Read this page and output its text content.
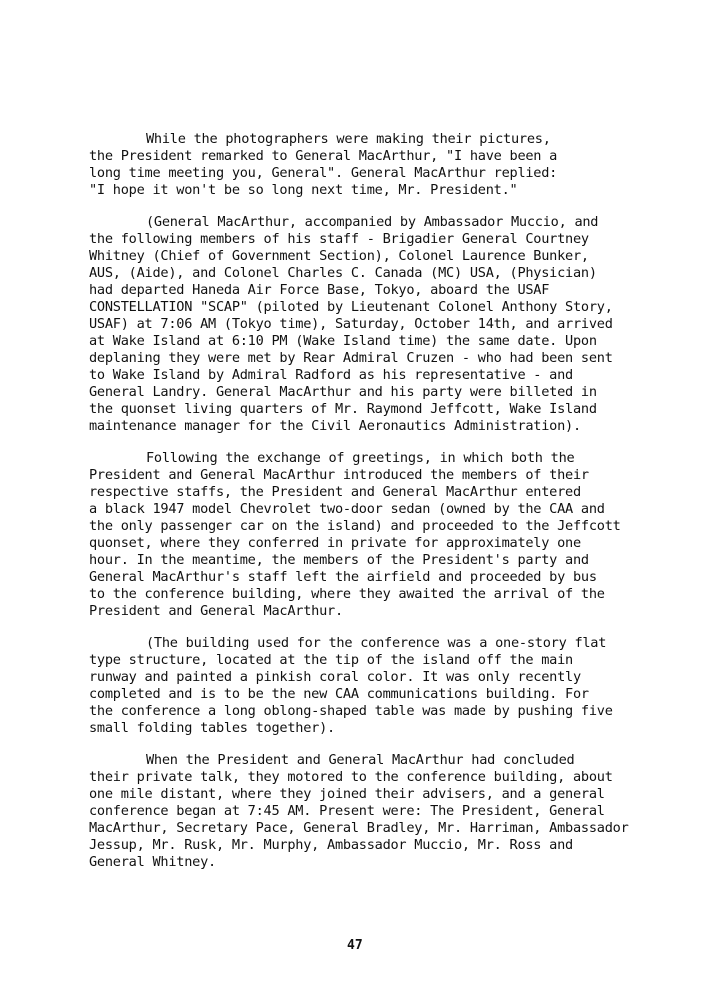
While the photographers were making their pictures,
the President remarked to General MacArthur, "I have been a
long time meeting you, General". General MacArthur replied:
"I hope it won't be so long next time, Mr. President."
(General MacArthur, accompanied by Ambassador Muccio, and
the following members of his staff - Brigadier General Courtney
Whitney (Chief of Government Section), Colonel Laurence Bunker,
AUS, (Aide), and Colonel Charles C. Canada (MC) USA, (Physician)
had departed Haneda Air Force Base, Tokyo, aboard the USAF
CONSTELLATION "SCAP" (piloted by Lieutenant Colonel Anthony Story,
USAF) at 7:06 AM (Tokyo time), Saturday, October 14th, and arrived
at Wake Island at 6:10 PM (Wake Island time) the same date. Upon
deplaning they were met by Rear Admiral Cruzen - who had been sent
to Wake Island by Admiral Radford as his representative - and
General Landry. General MacArthur and his party were billeted in
the quonset living quarters of Mr. Raymond Jeffcott, Wake Island
maintenance manager for the Civil Aeronautics Administration).
Following the exchange of greetings, in which both the
President and General MacArthur introduced the members of their
respective staffs, the President and General MacArthur entered
a black 1947 model Chevrolet two-door sedan (owned by the CAA and
the only passenger car on the island) and proceeded to the Jeffcott
quonset, where they conferred in private for approximately one
hour. In the meantime, the members of the President's party and
General MacArthur's staff left the airfield and proceeded by bus
to the conference building, where they awaited the arrival of the
President and General MacArthur.
(The building used for the conference was a one-story flat
type structure, located at the tip of the island off the main
runway and painted a pinkish coral color. It was only recently
completed and is to be the new CAA communications building. For
the conference a long oblong-shaped table was made by pushing five
small folding tables together).
When the President and General MacArthur had concluded
their private talk, they motored to the conference building, about
one mile distant, where they joined their advisers, and a general
conference began at 7:45 AM. Present were: The President, General
MacArthur, Secretary Pace, General Bradley, Mr. Harriman, Ambassador
Jessup, Mr. Rusk, Mr. Murphy, Ambassador Muccio, Mr. Ross and
General Whitney.
47
